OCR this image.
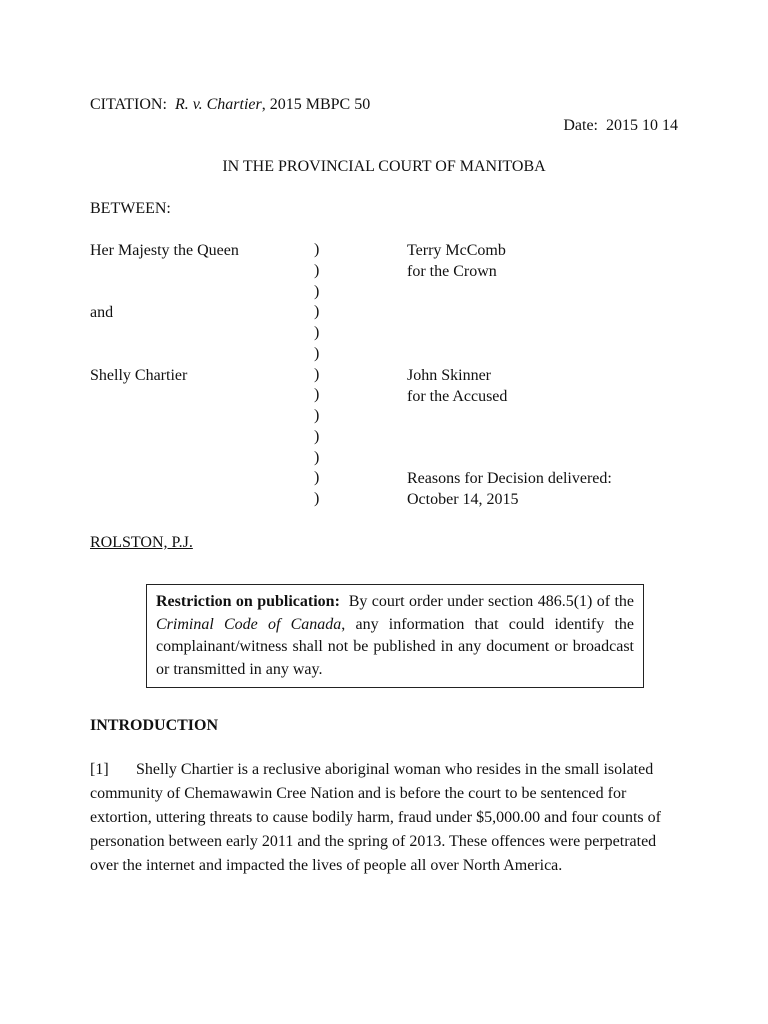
CITATION: R. v. Chartier, 2015 MBPC 50
Date: 2015 10 14
IN THE PROVINCIAL COURT OF MANITOBA
BETWEEN:
Her Majesty the Queen
and
Shelly Chartier
)
)
)
)
)
)
)
)
)
)
)
)
)
Terry McComb
for the Crown
John Skinner
for the Accused
Reasons for Decision delivered:
October 14, 2015
ROLSTON, P.J.
Restriction on publication: By court order under section 486.5(1) of the Criminal Code of Canada, any information that could identify the complainant/witness shall not be published in any document or broadcast or transmitted in any way.
INTRODUCTION
[1] Shelly Chartier is a reclusive aboriginal woman who resides in the small isolated community of Chemawawin Cree Nation and is before the court to be sentenced for extortion, uttering threats to cause bodily harm, fraud under $5,000.00 and four counts of personation between early 2011 and the spring of 2013. These offences were perpetrated over the internet and impacted the lives of people all over North America.
